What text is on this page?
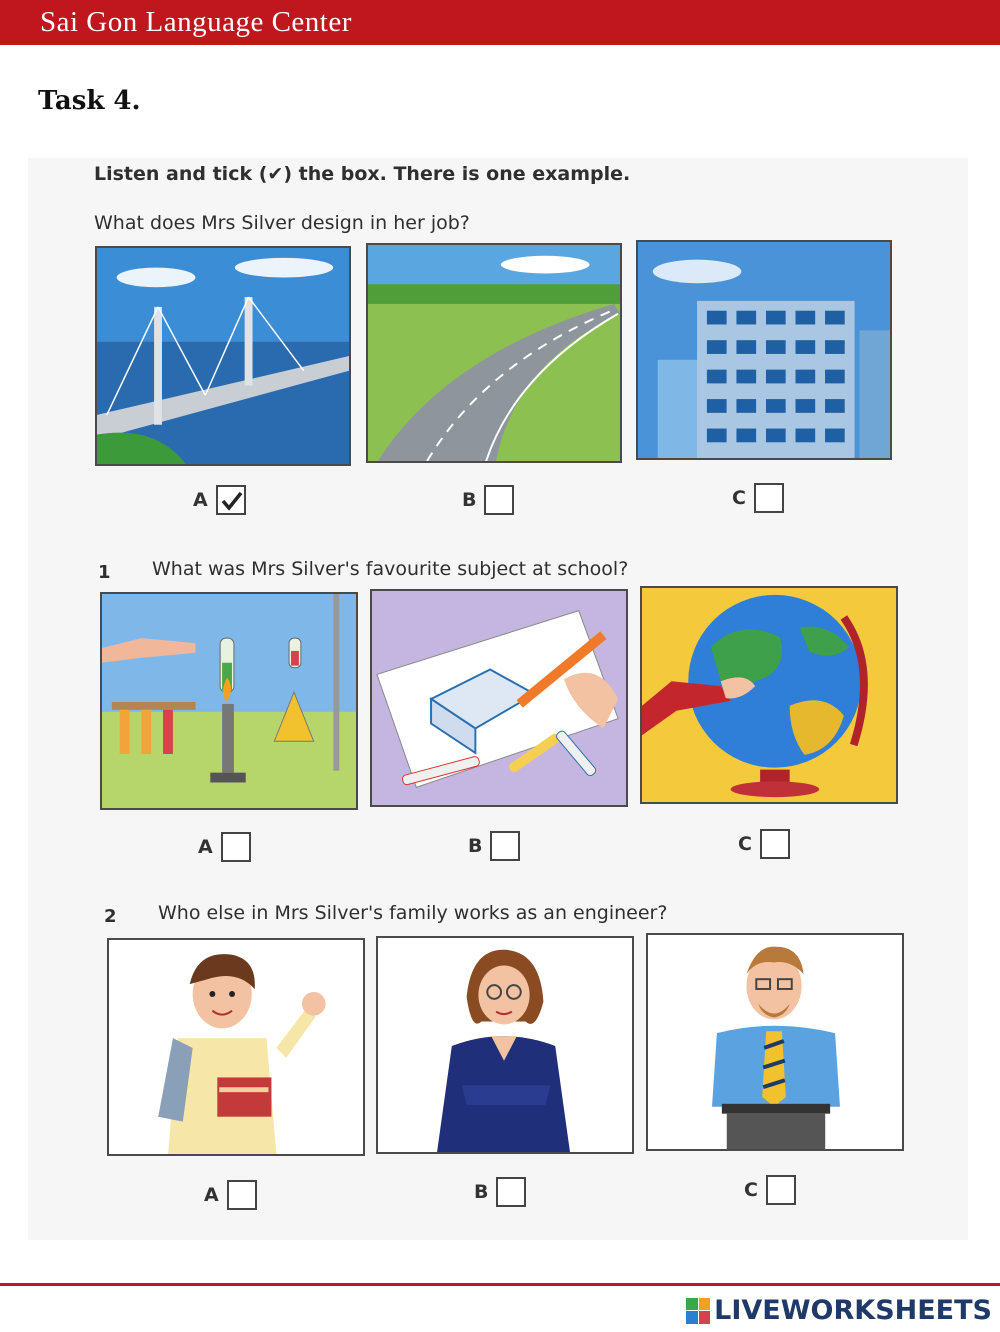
Sai Gon Language Center
Task 4.
Listen and tick (✔) the box. There is one example.
What does Mrs Silver design in her job?
A	B	C
1 What was Mrs Silver's favourite subject at school?
A	B	C
2 Who else in Mrs Silver's family works as an engineer?
A	B	C
LIVEWORKSHEETS
